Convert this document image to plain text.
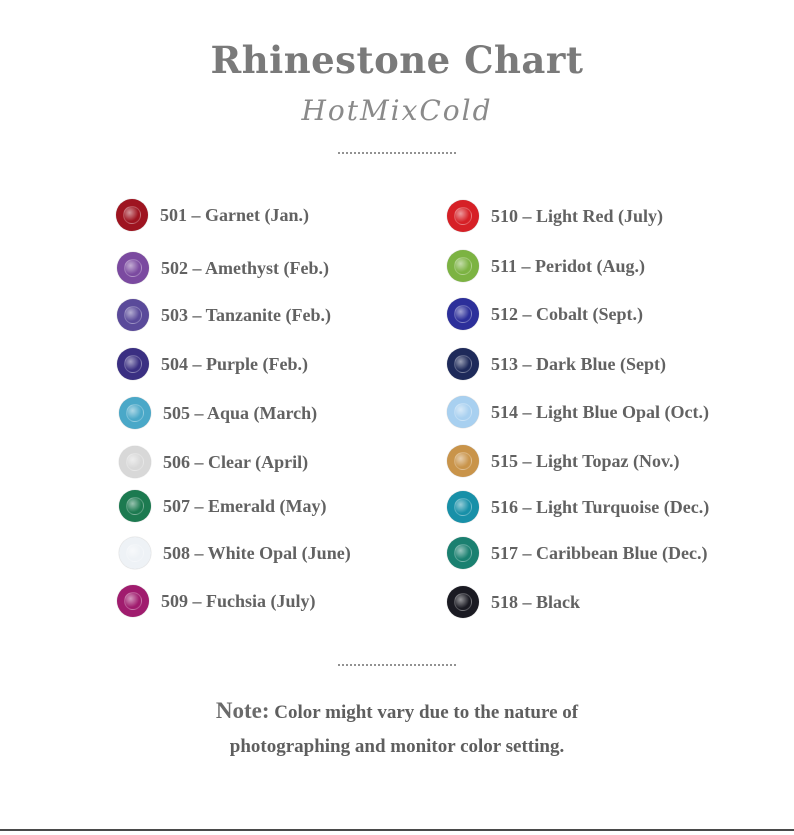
Rhinestone Chart
HotMixCold
501 – Garnet (Jan.)
502 – Amethyst (Feb.)
503 – Tanzanite (Feb.)
504 – Purple (Feb.)
505 – Aqua (March)
506 – Clear (April)
507 – Emerald (May)
508 – White Opal (June)
509 – Fuchsia (July)
510 – Light Red (July)
511 – Peridot (Aug.)
512 – Cobalt (Sept.)
513 – Dark Blue (Sept)
514 – Light Blue Opal (Oct.)
515 – Light Topaz (Nov.)
516 – Light Turquoise (Dec.)
517 – Caribbean Blue (Dec.)
518 – Black
Note: Color might vary due to the nature of
photographing and monitor color setting.
